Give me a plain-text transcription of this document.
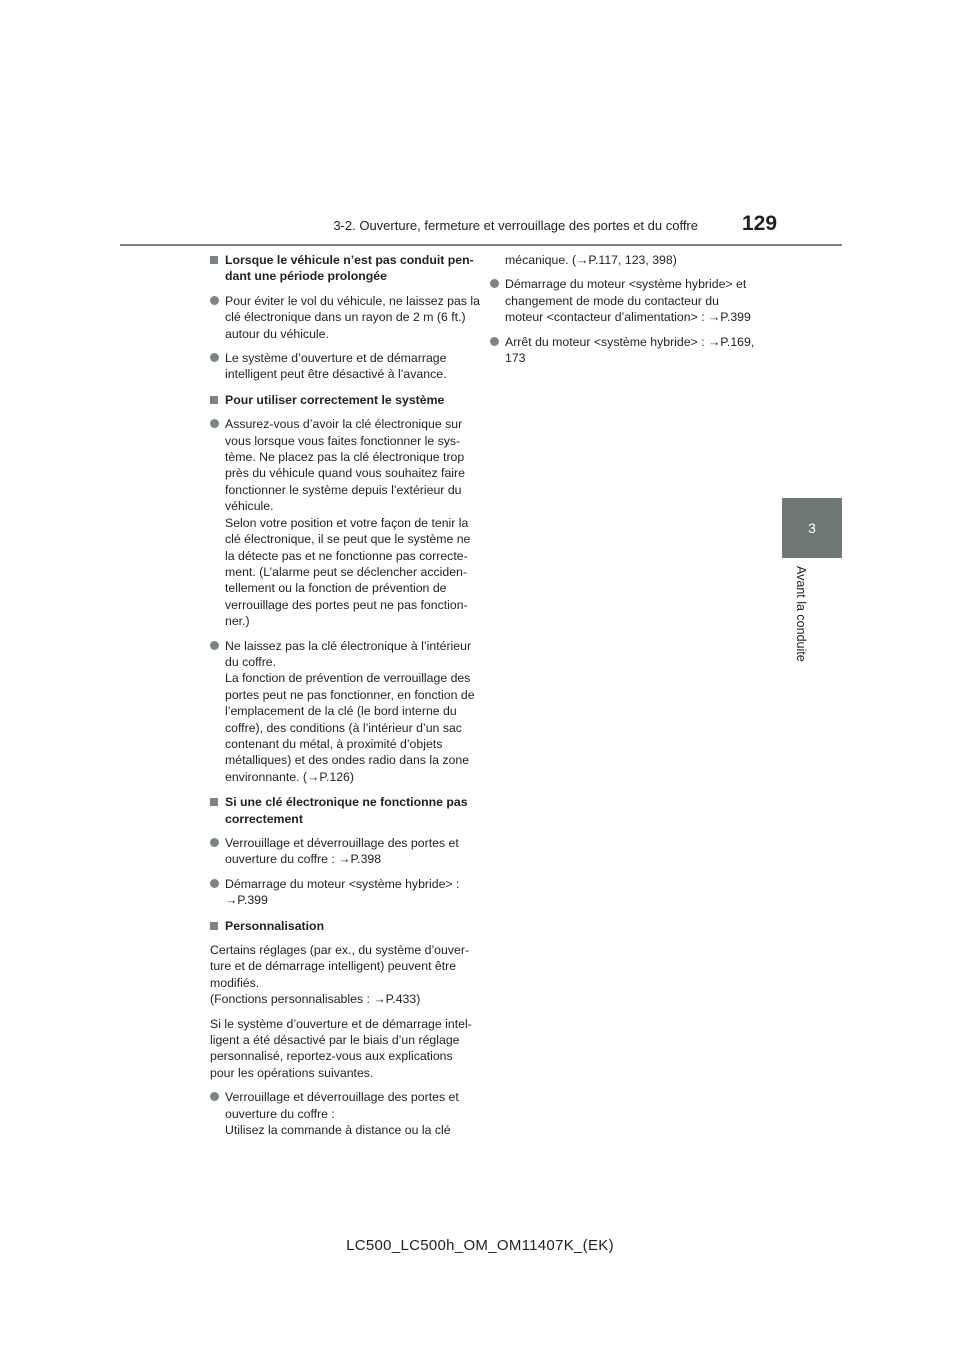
3-2. Ouverture, fermeture et verrouillage des portes et du coffre 129
3
Avant la conduite
Lorsque le véhicule n’est pas conduit pen-
dant une période prolongée
Pour éviter le vol du véhicule, ne laissez pas la
clé électronique dans un rayon de 2 m (6 ft.)
autour du véhicule.
Le système d’ouverture et de démarrage
intelligent peut être désactivé à l’avance.
Pour utiliser correctement le système
Assurez-vous d’avoir la clé électronique sur
vous lorsque vous faites fonctionner le sys-
tème. Ne placez pas la clé électronique trop
près du véhicule quand vous souhaitez faire
fonctionner le système depuis l’extérieur du
véhicule.
Selon votre position et votre façon de tenir la
clé électronique, il se peut que le système ne
la détecte pas et ne fonctionne pas correcte-
ment. (L’alarme peut se déclencher acciden-
tellement ou la fonction de prévention de
verrouillage des portes peut ne pas fonction-
ner.)
Ne laissez pas la clé électronique à l’intérieur
du coffre.
La fonction de prévention de verrouillage des
portes peut ne pas fonctionner, en fonction de
l’emplacement de la clé (le bord interne du
coffre), des conditions (à l’intérieur d’un sac
contenant du métal, à proximité d’objets
métalliques) et des ondes radio dans la zone
environnante. (→P.126)
Si une clé électronique ne fonctionne pas
correctement
Verrouillage et déverrouillage des portes et
ouverture du coffre : →P.398
Démarrage du moteur <système hybride> :
→P.399
Personnalisation
Certains réglages (par ex., du système d’ouver-
ture et de démarrage intelligent) peuvent être
modifiés.
(Fonctions personnalisables : →P.433)
Si le système d’ouverture et de démarrage intel-
ligent a été désactivé par le biais d’un réglage
personnalisé, reportez-vous aux explications
pour les opérations suivantes.
Verrouillage et déverrouillage des portes et
ouverture du coffre :
Utilisez la commande à distance ou la clé
mécanique. (→P.117, 123, 398)
Démarrage du moteur <système hybride> et
changement de mode du contacteur du
moteur <contacteur d’alimentation> : →P.399
Arrêt du moteur <système hybride> : →P.169,
173
LC500_LC500h_OM_OM11407K_(EK)
